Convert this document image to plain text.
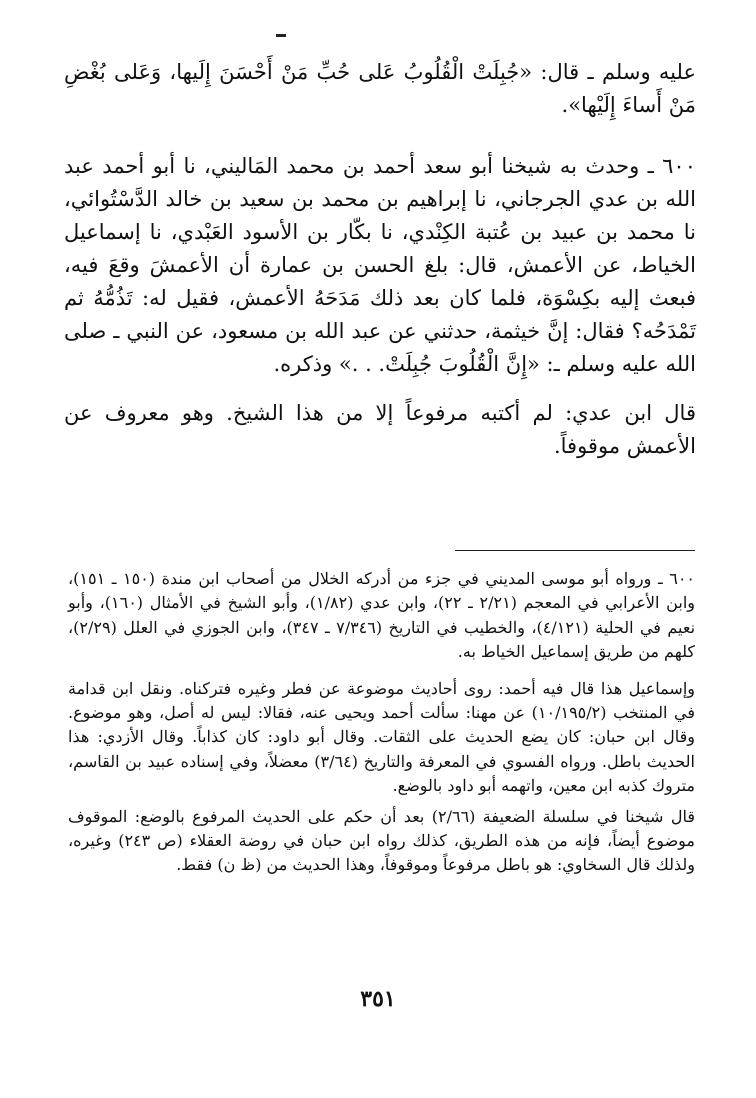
عليه وسلم ـ قال: «جُبِلَتْ الْقُلُوبُ عَلى حُبِّ مَنْ أَحْسَنَ إِلَيها، وَعَلى بُغْضِ مَنْ أَساءَ إِلَيْها».

٦٠٠ ـ وحدث به شيخنا أبو سعد أحمد بن محمد المَاليني، نا أبو أحمد عبد الله بن عدي الجرجاني، نا إبراهيم بن محمد بن سعيد بن خالد الدَّسْتُوائي، نا محمد بن عبيد بن عُتبة الكِنْدي، نا بكّار بن الأسود العَبْدي، نا إسماعيل الخياط، عن الأعمش، قال: بلغ الحسن بن عمارة أن الأعمشَ وقعَ فيه، فبعث إليه بكِسْوَة، فلما كان بعد ذلك مَدَحَهُ الأعمش، فقيل له: تَذُمُّهُ ثم تَمْدَحُه؟ فقال: إنَّ خيثمة، حدثني عن عبد الله بن مسعود، عن النبي ـ صلى الله عليه وسلم ـ: «إِنَّ الْقُلُوبَ جُبِلَتْ. . .» وذكره.

قال ابن عدي: لم أكتبه مرفوعاً إلا من هذا الشيخ. وهو معروف عن الأعمش موقوفاً.

٦٠٠ ـ ورواه أبو موسى المديني في جزء من أدركه الخلال من أصحاب ابن مندة (١٥٠ ـ ١٥١)، وابن الأعرابي في المعجم (٢/٢١ ـ ٢٢)، وابن عدي (١/٨٢)، وأبو الشيخ في الأمثال (١٦٠)، وأبو نعيم في الحلية (٤/١٢١)، والخطيب في التاريخ (٧/٣٤٦ ـ ٣٤٧)، وابن الجوزي في العلل (٢/٢٩)، كلهم من طريق إسماعيل الخياط به.

وإسماعيل هذا قال فيه أحمد: روى أحاديث موضوعة عن فطر وغيره فتركناه. ونقل ابن قدامة في المنتخب (١٠/١٩٥/٢) عن مهنا: سألت أحمد ويحيى عنه، فقالا: ليس له أصل، وهو موضوع. وقال ابن حبان: كان يضع الحديث على الثقات. وقال أبو داود: كان كذاباً. وقال الأزدي: هذا الحديث باطل. ورواه الفسوي في المعرفة والتاريخ (٣/٦٤) معضلاً، وفي إسناده عبيد بن القاسم، متروك كذبه ابن معين، واتهمه أبو داود بالوضع.

قال شيخنا في سلسلة الضعيفة (٢/٦٦) بعد أن حكم على الحديث المرفوع بالوضع: الموقوف موضوع أيضاً، فإنه من هذه الطريق، كذلك رواه ابن حبان في روضة العقلاء (ص ٢٤٣) وغيره، ولذلك قال السخاوي: هو باطل مرفوعاً وموقوفاً، وهذا الحديث من (ظ ن) فقط.

٣٥١
